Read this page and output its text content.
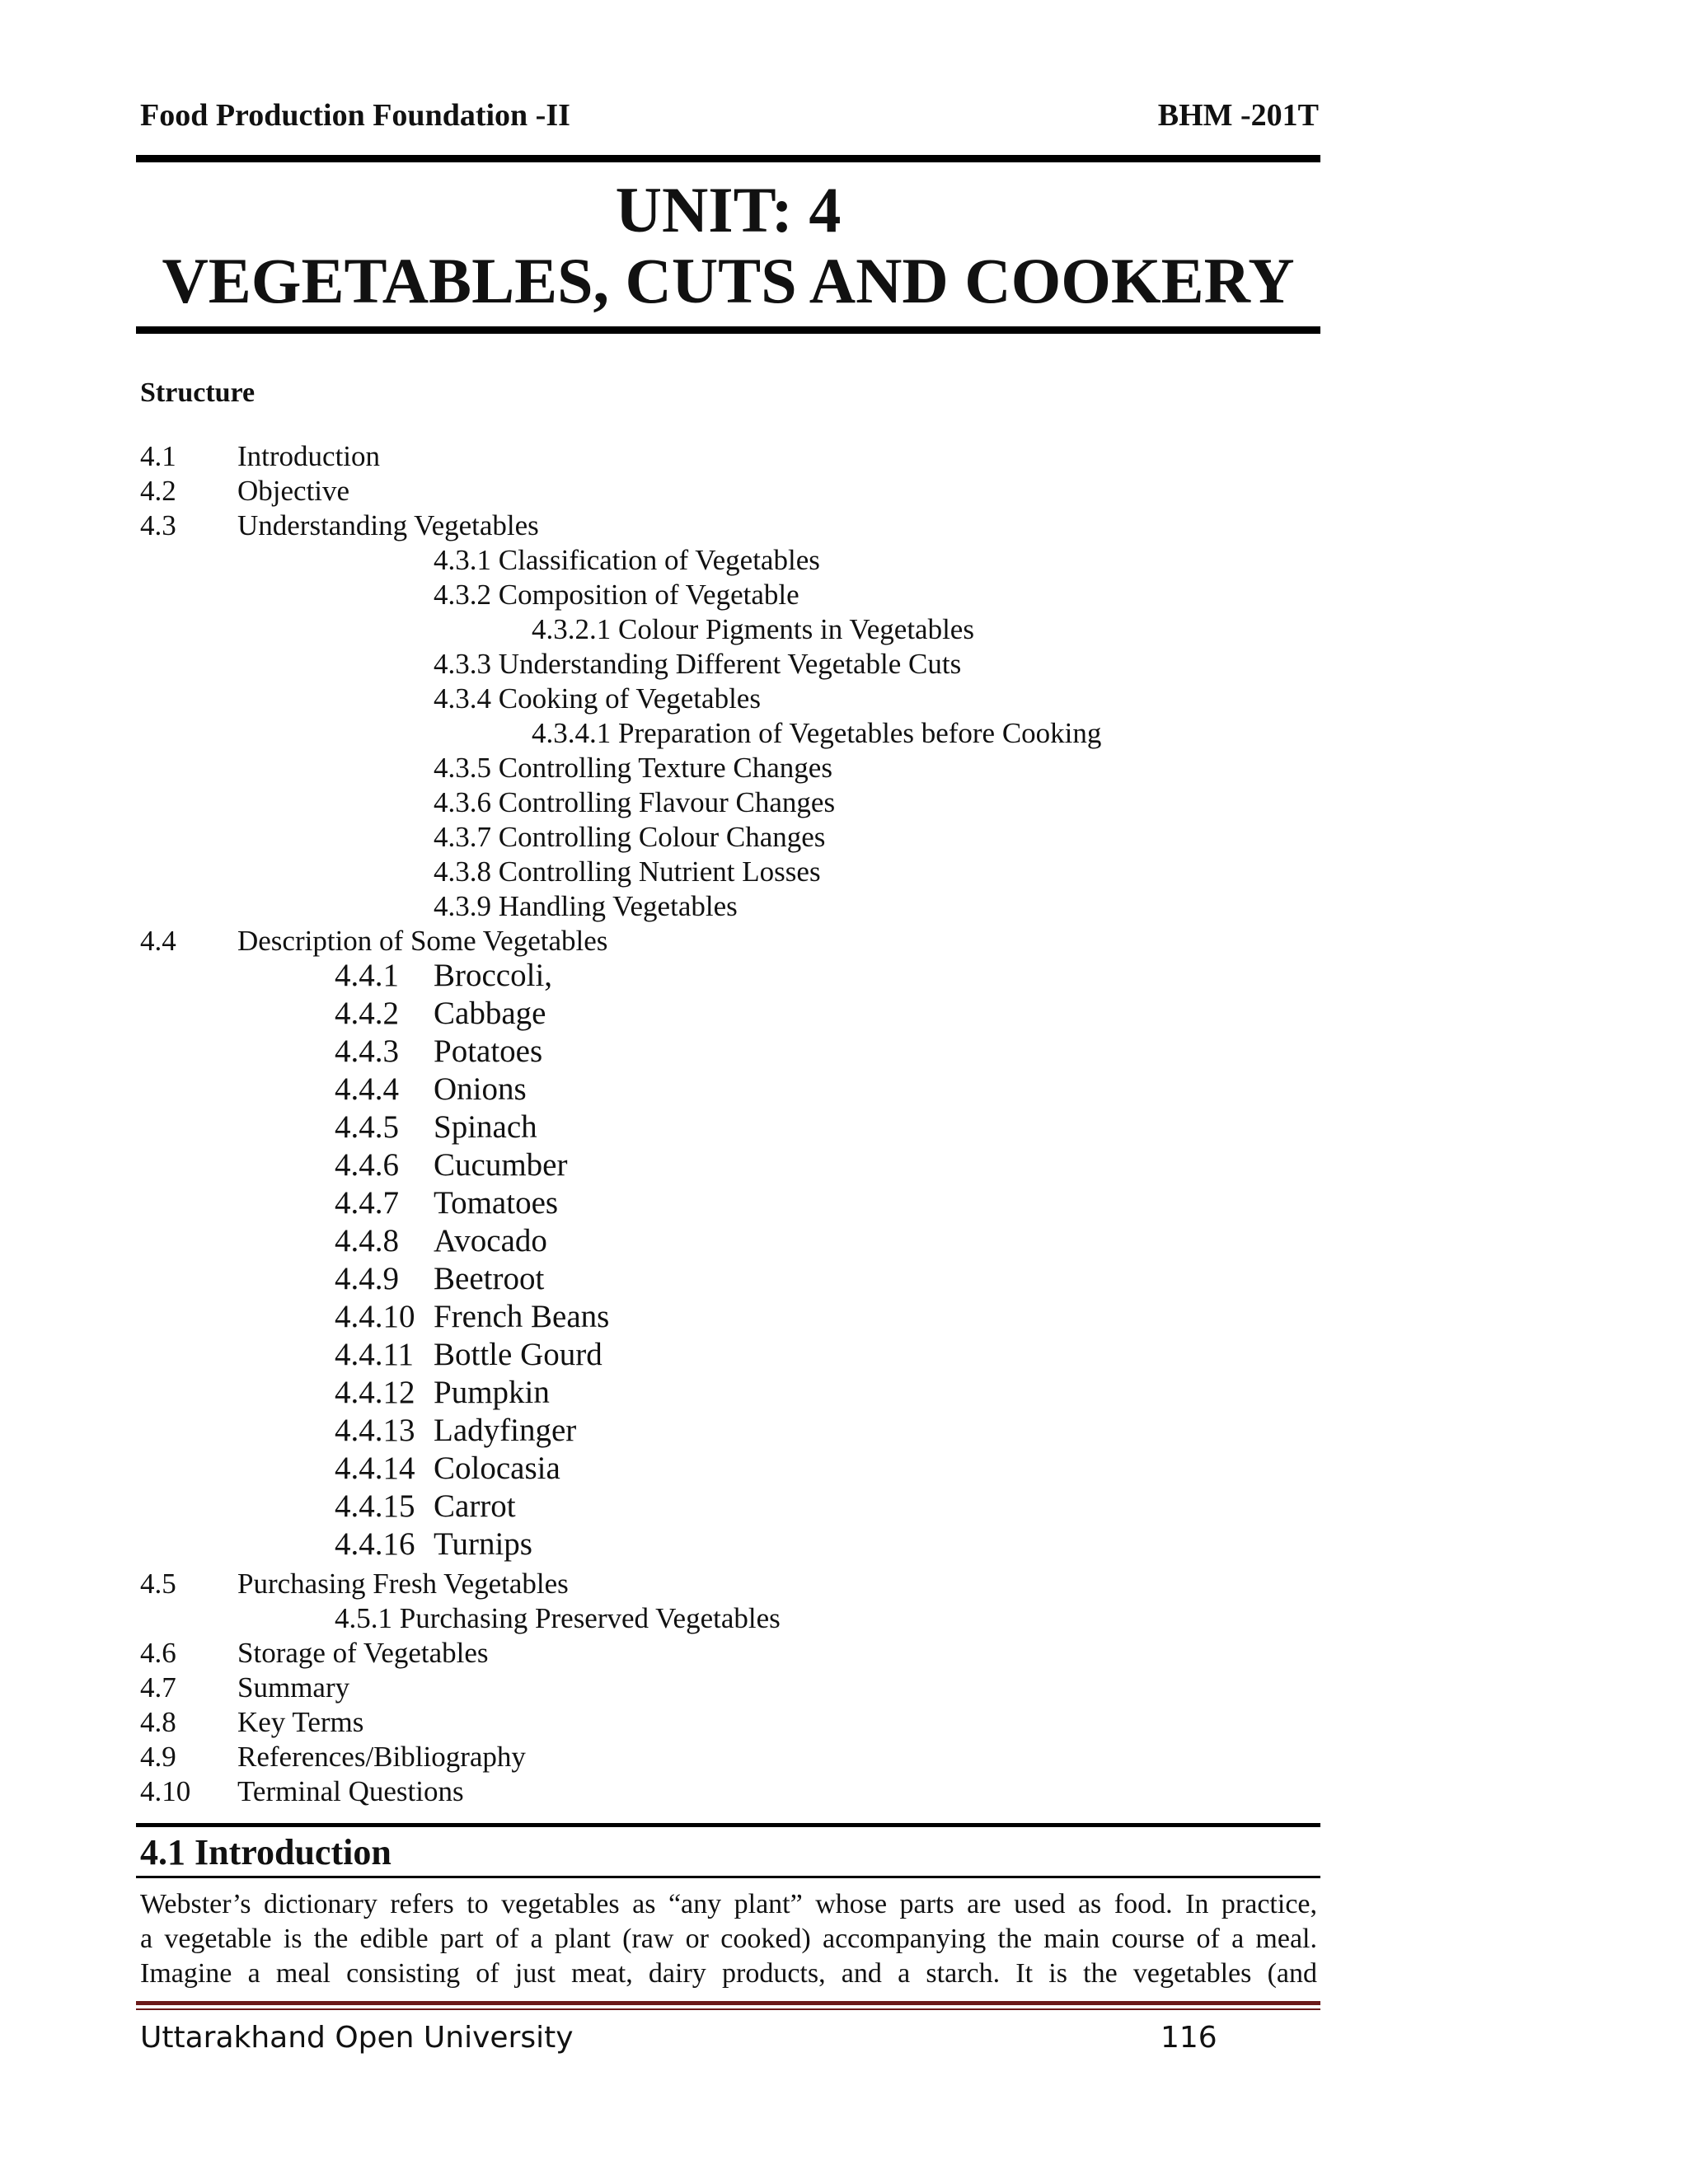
Food Production Foundation -II	BHM -201T
UNIT: 4
VEGETABLES, CUTS AND COOKERY
Structure
4.1 Introduction
4.2 Objective
4.3 Understanding Vegetables
4.3.1 Classification of Vegetables
4.3.2 Composition of Vegetable
4.3.2.1 Colour Pigments in Vegetables
4.3.3 Understanding Different Vegetable Cuts
4.3.4 Cooking of Vegetables
4.3.4.1 Preparation of Vegetables before Cooking
4.3.5 Controlling Texture Changes
4.3.6 Controlling Flavour Changes
4.3.7 Controlling Colour Changes
4.3.8 Controlling Nutrient Losses
4.3.9 Handling Vegetables
4.4 Description of Some Vegetables
4.4.1 Broccoli,
4.4.2 Cabbage
4.4.3 Potatoes
4.4.4 Onions
4.4.5 Spinach
4.4.6 Cucumber
4.4.7 Tomatoes
4.4.8 Avocado
4.4.9 Beetroot
4.4.10 French Beans
4.4.11 Bottle Gourd
4.4.12 Pumpkin
4.4.13 Ladyfinger
4.4.14 Colocasia
4.4.15 Carrot
4.4.16 Turnips
4.5 Purchasing Fresh Vegetables
4.5.1 Purchasing Preserved Vegetables
4.6 Storage of Vegetables
4.7 Summary
4.8 Key Terms
4.9 References/Bibliography
4.10 Terminal Questions
4.1 Introduction
Webster’s dictionary refers to vegetables as “any plant” whose parts are used as food. In practice,
a vegetable is the edible part of a plant (raw or cooked) accompanying the main course of a meal.
Imagine a meal consisting of just meat, dairy products, and a starch. It is the vegetables (and
Uttarakhand Open University	116
